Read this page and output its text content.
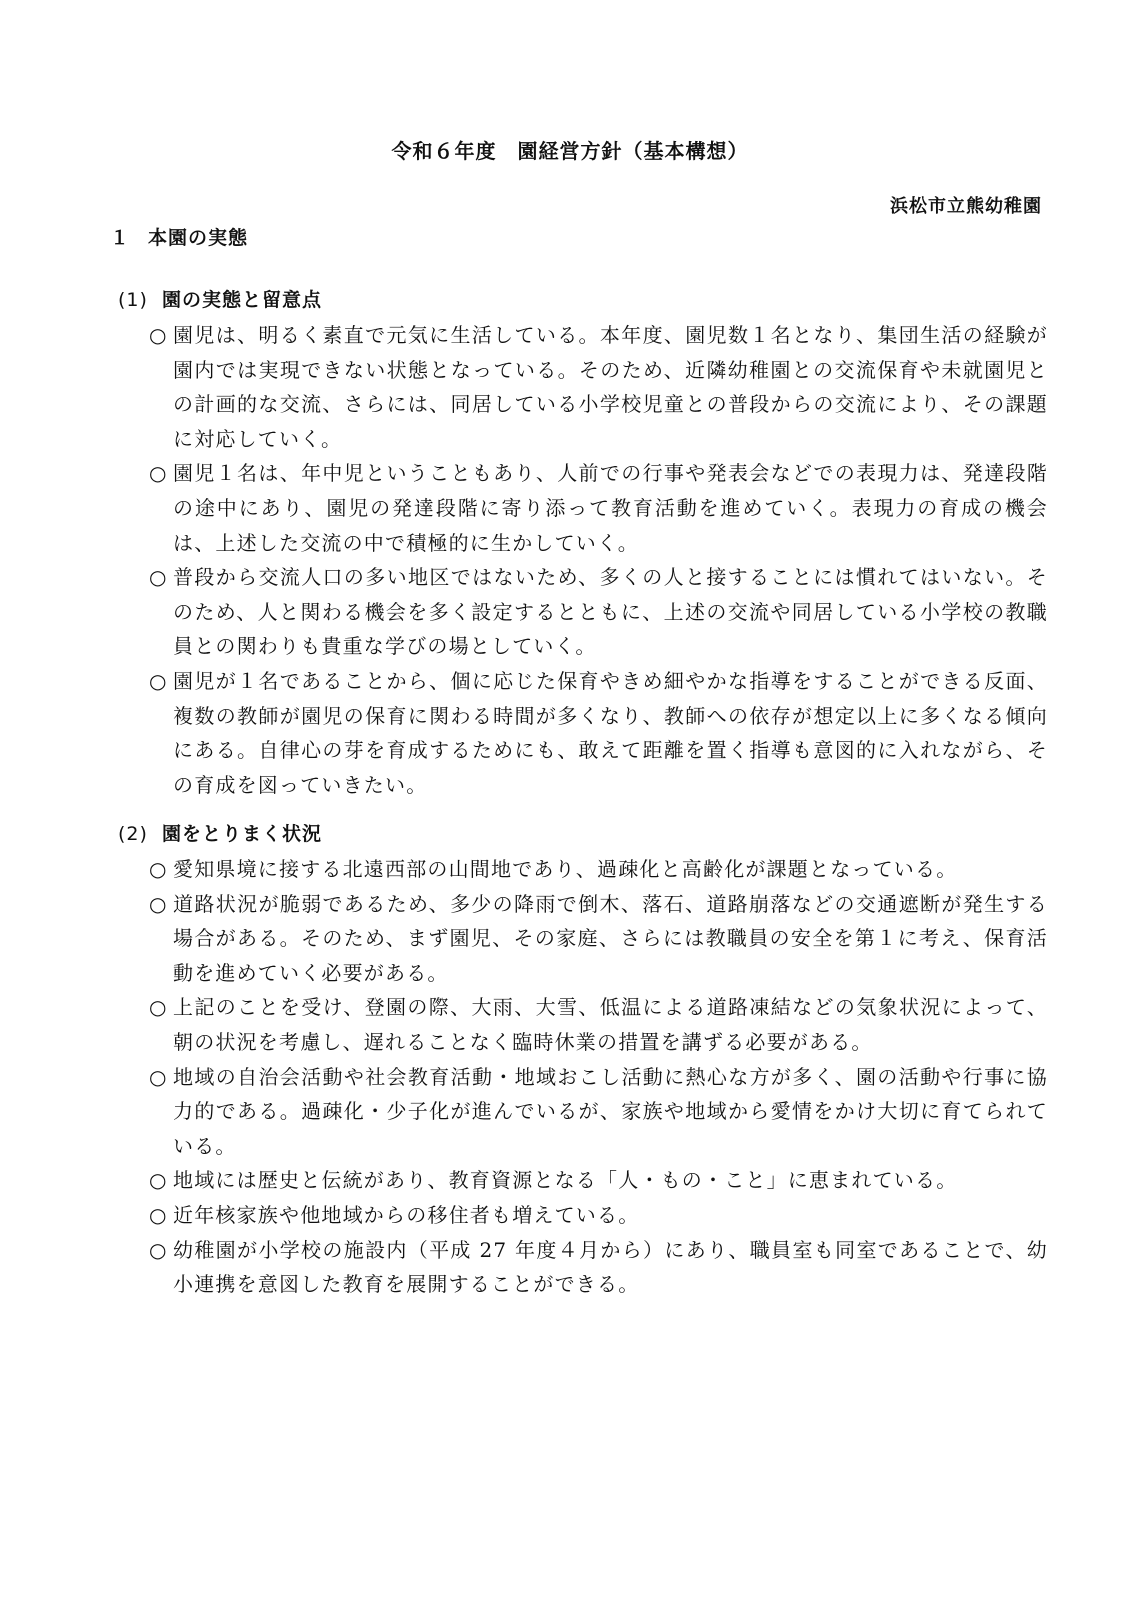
令和６年度　園経営方針（基本構想）
浜松市立熊幼稚園
１ 本園の実態
(1) 園の実態と留意点
○ 園児は、明るく素直で元気に生活している。本年度、園児数１名となり、集団生活の経験が園内では実現できない状態となっている。そのため、近隣幼稚園との交流保育や未就園児との計画的な交流、さらには、同居している小学校児童との普段からの交流により、その課題に対応していく。
○ 園児１名は、年中児ということもあり、人前での行事や発表会などでの表現力は、発達段階の途中にあり、園児の発達段階に寄り添って教育活動を進めていく。表現力の育成の機会は、上述した交流の中で積極的に生かしていく。
○ 普段から交流人口の多い地区ではないため、多くの人と接することには慣れてはいない。そのため、人と関わる機会を多く設定するとともに、上述の交流や同居している小学校の教職員との関わりも貴重な学びの場としていく。
○ 園児が１名であることから、個に応じた保育やきめ細やかな指導をすることができる反面、複数の教師が園児の保育に関わる時間が多くなり、教師への依存が想定以上に多くなる傾向にある。自律心の芽を育成するためにも、敢えて距離を置く指導も意図的に入れながら、その育成を図っていきたい。
(2) 園をとりまく状況
○ 愛知県境に接する北遠西部の山間地であり、過疎化と高齢化が課題となっている。
○ 道路状況が脆弱であるため、多少の降雨で倒木、落石、道路崩落などの交通遮断が発生する場合がある。そのため、まず園児、その家庭、さらには教職員の安全を第１に考え、保育活動を進めていく必要がある。
○ 上記のことを受け、登園の際、大雨、大雪、低温による道路凍結などの気象状況によって、朝の状況を考慮し、遅れることなく臨時休業の措置を講ずる必要がある。
○ 地域の自治会活動や社会教育活動・地域おこし活動に熱心な方が多く、園の活動や行事に協力的である。過疎化・少子化が進んでいるが、家族や地域から愛情をかけ大切に育てられている。
○ 地域には歴史と伝統があり、教育資源となる「人・もの・こと」に恵まれている。
○ 近年核家族や他地域からの移住者も増えている。
○ 幼稚園が小学校の施設内（平成 27 年度４月から）にあり、職員室も同室であることで、幼小連携を意図した教育を展開することができる。
